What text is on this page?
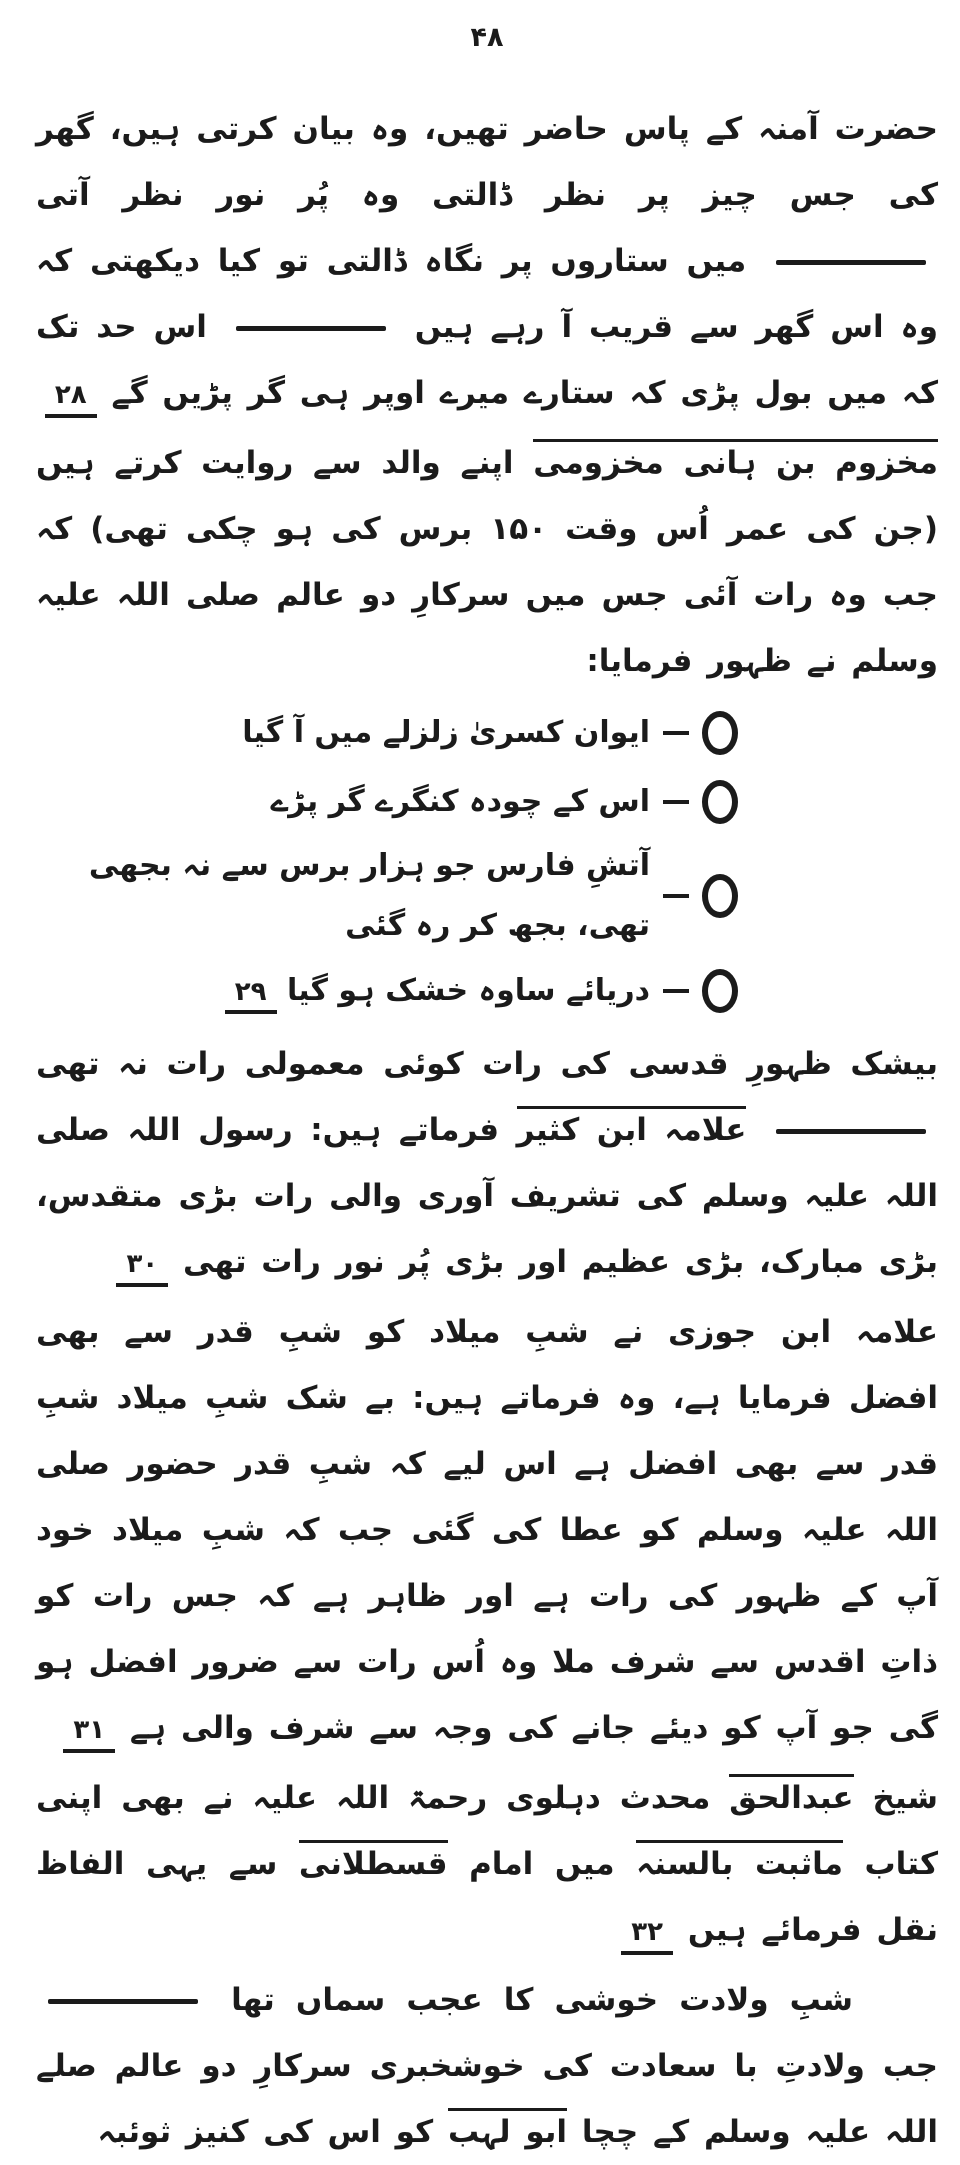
۴۸
حضرت آمنہ کے پاس حاضر تھیں، وہ بیان کرتی ہیں، گھر کی جس چیز پر نظر ڈالتی وہ پُر نور نظر آتی  میں ستاروں پر نگاہ ڈالتی تو کیا دیکھتی کہ وہ اس گھر سے قریب آ رہے ہیں  اس حد تک کہ میں بول پڑی کہ ستارے میرے اوپر ہی گر پڑیں گے ۲۸
مخزوم بن ہانی مخزومی اپنے والد سے روایت کرتے ہیں (جن کی عمر اُس وقت ۱۵۰ برس کی ہو چکی تھی) کہ جب وہ رات آئی جس میں سرکارِ دو عالم صلی اللہ علیہ وسلم نے ظہور فرمایا:
ایوان کسریٰ زلزلے میں آ گیا
اس کے چودہ کنگرے گر پڑے
آتشِ فارس جو ہزار برس سے نہ بجھی تھی، بجھ کر رہ گئی
دریائے ساوہ خشک ہو گیا ۲۹
بیشک ظہورِ قدسی کی رات کوئی معمولی رات نہ تھی  علامہ ابن کثیر فرماتے ہیں: رسول اللہ صلی اللہ علیہ وسلم کی تشریف آوری والی رات بڑی متقدس، بڑی مبارک، بڑی عظیم اور بڑی پُر نور رات تھی ۳۰
علامہ ابن جوزی نے شبِ میلاد کو شبِ قدر سے بھی افضل فرمایا ہے، وہ فرماتے ہیں: بے شک شبِ میلاد شبِ قدر سے بھی افضل ہے اس لیے کہ شبِ قدر حضور صلی اللہ علیہ وسلم کو عطا کی گئی جب کہ شبِ میلاد خود آپ کے ظہور کی رات ہے اور ظاہر ہے کہ جس رات کو ذاتِ اقدس سے شرف ملا وہ اُس رات سے ضرور افضل ہو گی جو آپ کو دیئے جانے کی وجہ سے شرف والی ہے ۳۱
شیخ عبدالحق محدث دہلوی رحمۃ اللہ علیہ نے بھی اپنی کتاب ماثبت بالسنہ میں امام قسطلانی سے یہی الفاظ نقل فرمائے ہیں ۳۲
شبِ ولادت خوشی کا عجب سماں تھا  جب ولادتِ با سعادت کی خوشخبری سرکارِ دو عالم صلے اللہ علیہ وسلم کے چچا ابو لہب کو اس کی کنیز ثوئبہ
